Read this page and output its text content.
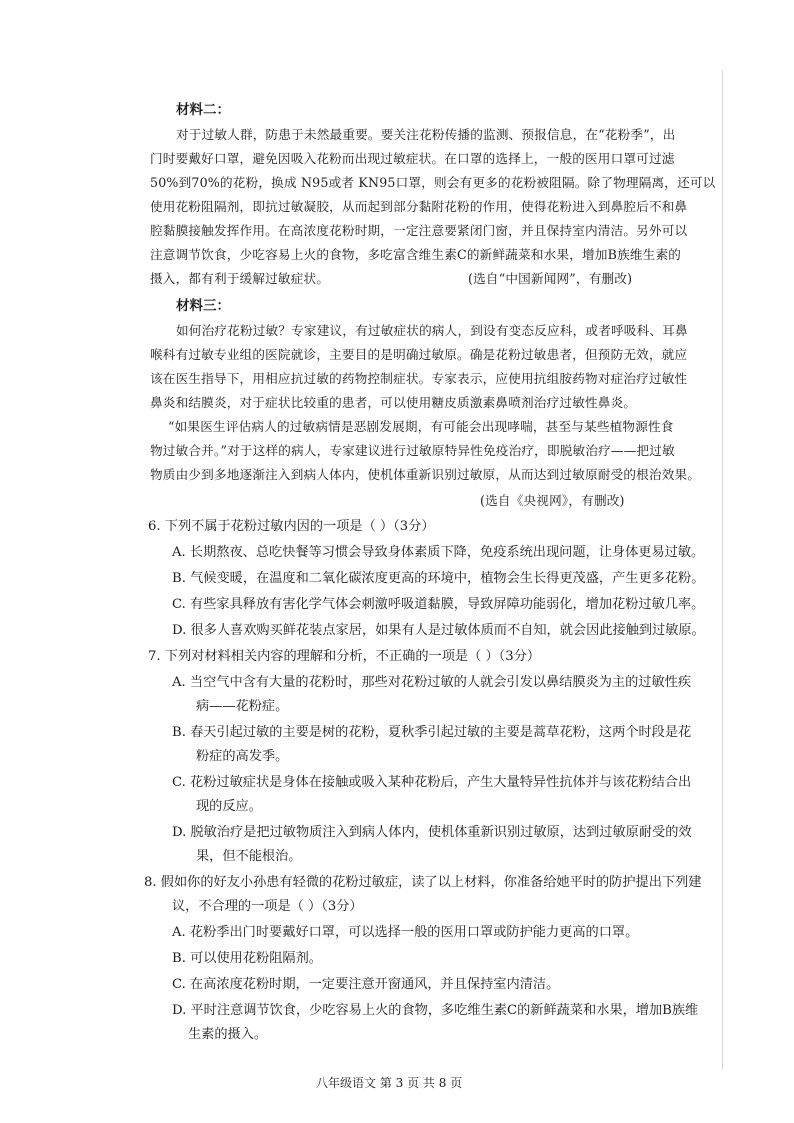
材料二：
对于过敏人群，防患于未然最重要。要关注花粉传播的监测、预报信息，在“花粉季”，出
门时要戴好口罩，避免因吸入花粉而出现过敏症状。在口罩的选择上，一般的医用口罩可过滤
50%到70%的花粉，换成 N95或者 KN95口罩，则会有更多的花粉被阻隔。除了物理隔离，还可以
使用花粉阻隔剂，即抗过敏凝胶，从而起到部分黏附花粉的作用，使得花粉进入到鼻腔后不和鼻
腔黏膜接触发挥作用。在高浓度花粉时期，一定注意要紧闭门窗，并且保持室内清洁。另外可以
注意调节饮食，少吃容易上火的食物，多吃富含维生素C的新鲜蔬菜和水果，增加B族维生素的
摄入，都有利于缓解过敏症状。	(选自“中国新闻网”，有删改)
材料三：
如何治疗花粉过敏？专家建议，有过敏症状的病人，到设有变态反应科，或者呼吸科、耳鼻
喉科有过敏专业组的医院就诊，主要目的是明确过敏原。确是花粉过敏患者，但预防无效，就应
该在医生指导下，用相应抗过敏的药物控制症状。专家表示，应使用抗组胺药物对症治疗过敏性
鼻炎和结膜炎，对于症状比较重的患者，可以使用糖皮质激素鼻喷剂治疗过敏性鼻炎。
“如果医生评估病人的过敏病情是恶剧发展期，有可能会出现哮喘，甚至与某些植物源性食
物过敏合并。”对于这样的病人，专家建议进行过敏原特异性免疫治疗，即脱敏治疗——把过敏
物质由少到多地逐渐注入到病人体内，使机体重新识别过敏原，从而达到过敏原耐受的根治效果。
(选自《央视网》，有删改)
6. 下列不属于花粉过敏内因的一项是（ ）（3分）
A. 长期熬夜、总吃快餐等习惯会导致身体素质下降，免疫系统出现问题，让身体更易过敏。
B. 气候变暖，在温度和二氧化碳浓度更高的环境中，植物会生长得更茂盛，产生更多花粉。
C. 有些家具释放有害化学气体会刺激呼吸道黏膜，导致屏障功能弱化，增加花粉过敏几率。
D. 很多人喜欢购买鲜花装点家居，如果有人是过敏体质而不自知，就会因此接触到过敏原。
7. 下列对材料相关内容的理解和分析，不正确的一项是（ ）（3分）
A. 当空气中含有大量的花粉时，那些对花粉过敏的人就会引发以鼻结膜炎为主的过敏性疾
病——花粉症。
B. 春天引起过敏的主要是树的花粉，夏秋季引起过敏的主要是蒿草花粉，这两个时段是花
粉症的高发季。
C. 花粉过敏症状是身体在接触或吸入某种花粉后，产生大量特异性抗体并与该花粉结合出
现的反应。
D. 脱敏治疗是把过敏物质注入到病人体内，使机体重新识别过敏原，达到过敏原耐受的效
果，但不能根治。
8. 假如你的好友小孙患有轻微的花粉过敏症，读了以上材料，你准备给她平时的防护提出下列建
议，不合理的一项是（ ）（3分）
A. 花粉季出门时要戴好口罩，可以选择一般的医用口罩或防护能力更高的口罩。
B. 可以使用花粉阻隔剂。
C. 在高浓度花粉时期，一定要注意开窗通风，并且保持室内清洁。
D. 平时注意调节饮食，少吃容易上火的食物，多吃维生素C的新鲜蔬菜和水果，增加B族维
生素的摄入。
八年级语文 第 3 页 共 8 页
